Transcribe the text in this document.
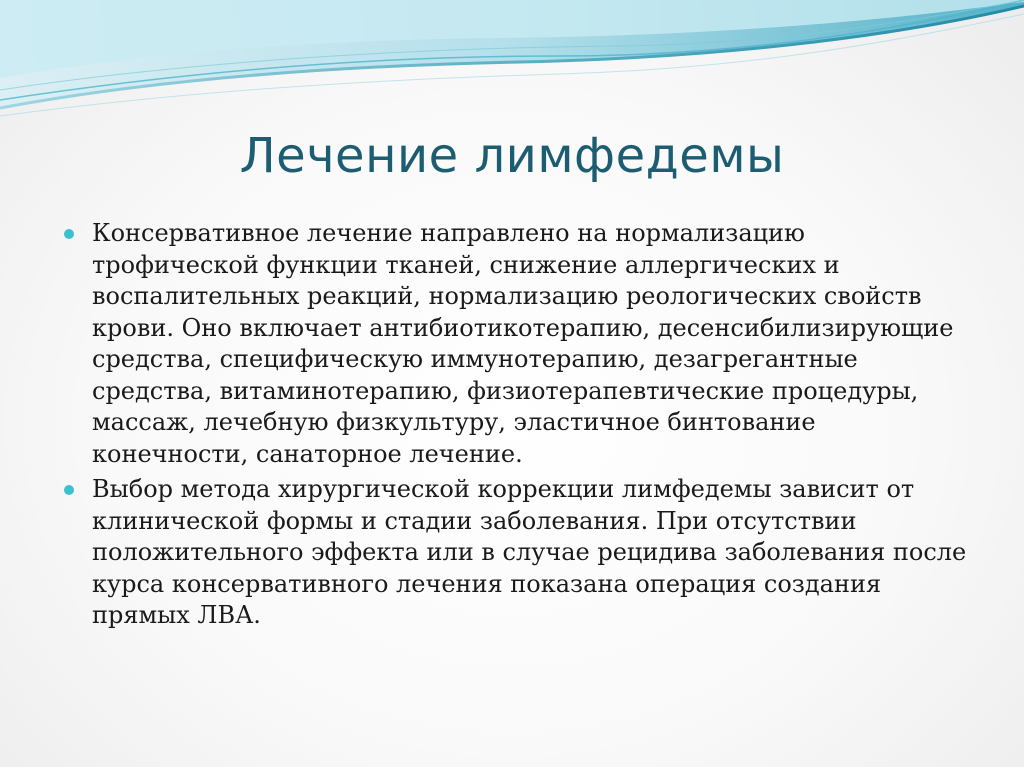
Лечение лимфедемы
Консервативное лечение направлено на нормализацию трофической функции тканей, снижение аллергических и воспалительных реакций, нормализацию реологических свойств крови. Оно включает антибиотикотерапию, десенсибилизирующие средства, специфическую иммунотерапию, дезагрегантные средства, витаминотерапию, физиотерапевтические процедуры, массаж, лечебную физкультуру, эластичное бинтование конечности, санаторное лечение.
Выбор метода хирургической коррекции лимфедемы зависит от клинической формы и стадии заболевания. При отсутствии положительного эффекта или в случае рецидива заболевания после курса консервативного лечения показана операция создания прямых ЛВА.
